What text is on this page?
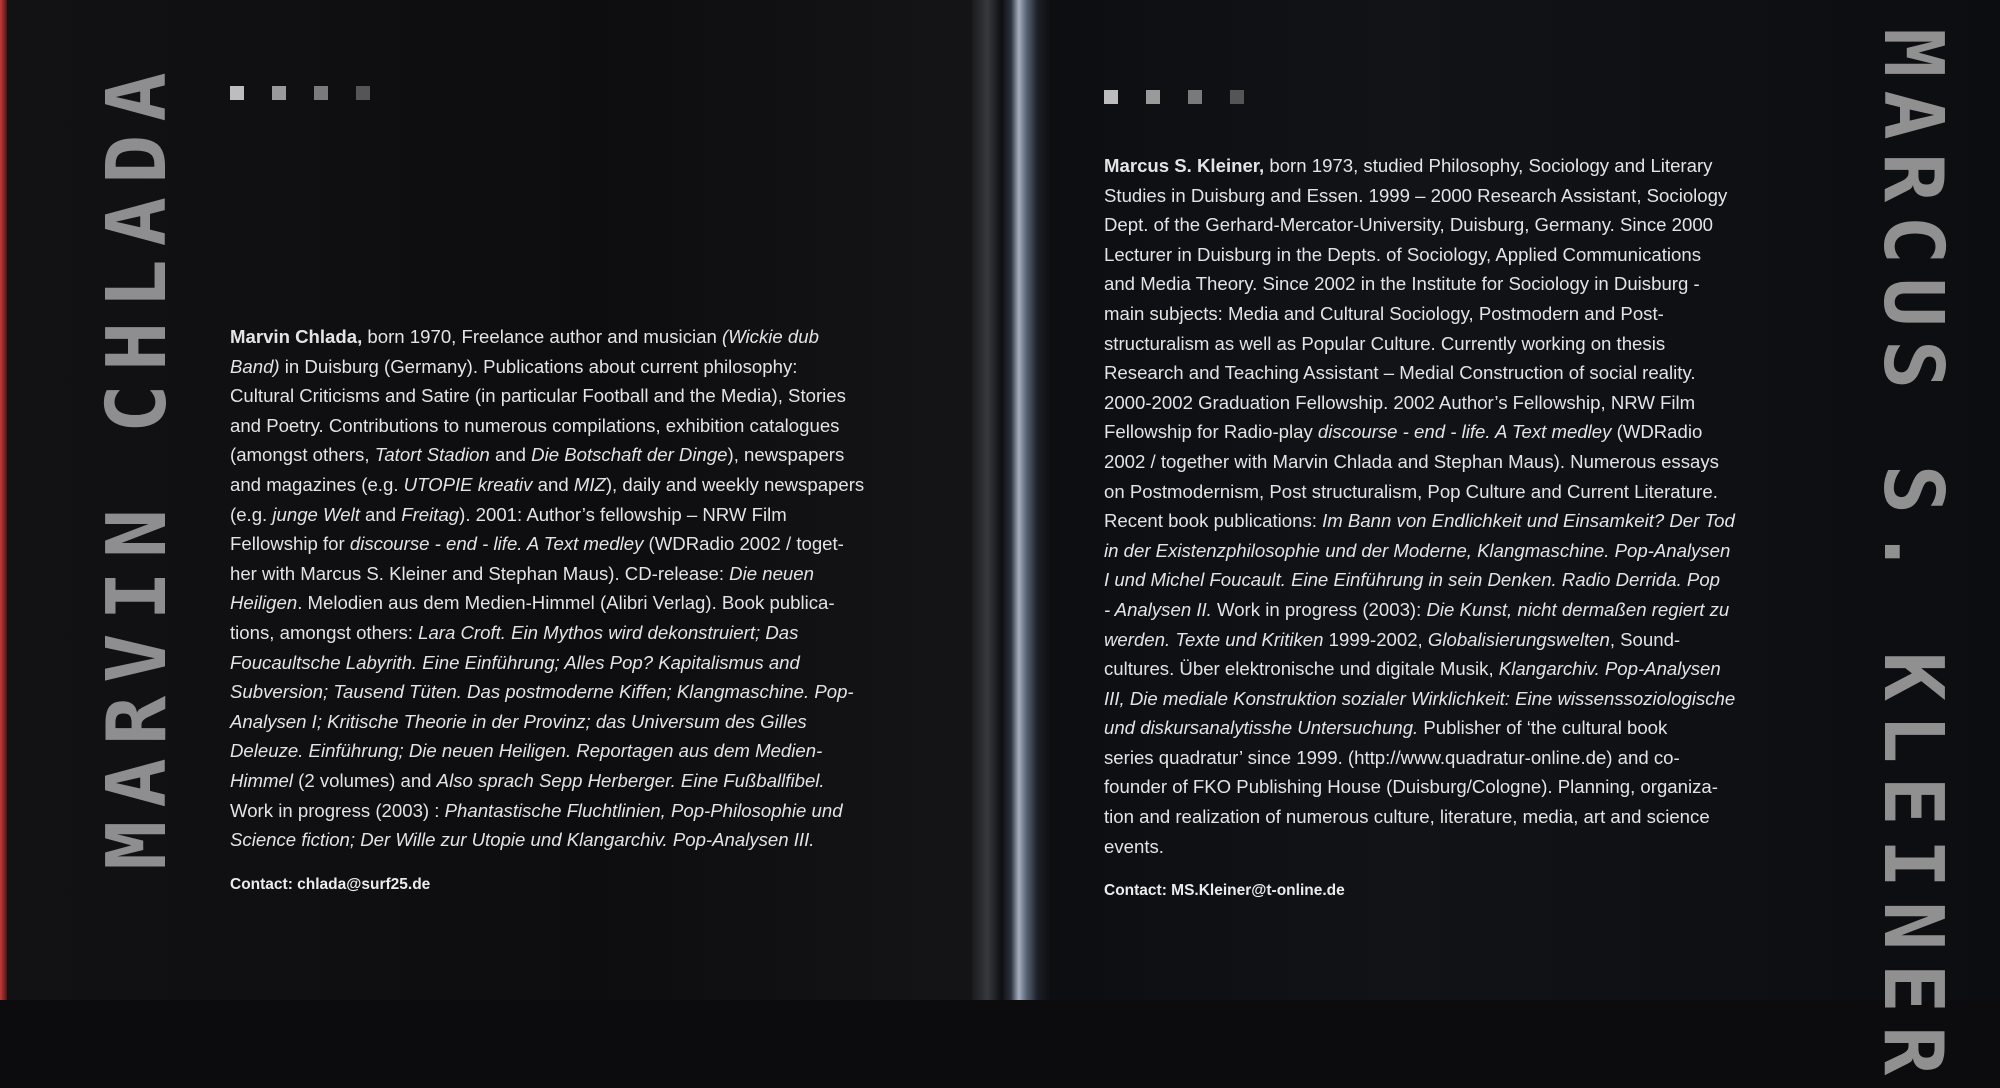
MARVIN CHLADA Marvin Chlada, born 1970, Freelance author and musician (Wickie dub
Band) in Duisburg (Germany). Publications about current philosophy:
Cultural Criticisms and Satire (in particular Football and the Media), Stories
and Poetry. Contributions to numerous compilations, exhibition catalogues
(amongst others, Tatort Stadion and Die Botschaft der Dinge), newspapers
and magazines (e.g. UTOPIE kreativ and MIZ), daily and weekly newspapers
(e.g. junge Welt and Freitag). 2001: Author’s fellowship – NRW Film
Fellowship for discourse - end - life. A Text medley (WDRadio 2002 / toget-
her with Marcus S. Kleiner and Stephan Maus). CD-release: Die neuen
Heiligen. Melodien aus dem Medien-Himmel (Alibri Verlag). Book publica-
tions, amongst others: Lara Croft. Ein Mythos wird dekonstruiert; Das
Foucaultsche Labyrith. Eine Einführung; Alles Pop? Kapitalismus and
Subversion; Tausend Tüten. Das postmoderne Kiffen; Klangmaschine. Pop-
Analysen I; Kritische Theorie in der Provinz; das Universum des Gilles
Deleuze. Einführung; Die neuen Heiligen. Reportagen aus dem Medien-
Himmel (2 volumes) and Also sprach Sepp Herberger. Eine Fußballfibel.
Work in progress (2003) : Phantastische Fluchtlinien, Pop-Philosophie und
Science fiction; Der Wille zur Utopie und Klangarchiv. Pop-Analysen III.
Contact: chlada@surf25.de	MARCUS S. KLEINER
Marcus S. Kleiner, born 1973, studied Philosophy, Sociology and Literary
Studies in Duisburg and Essen. 1999 – 2000 Research Assistant, Sociology
Dept. of the Gerhard-Mercator-University, Duisburg, Germany. Since 2000
Lecturer in Duisburg in the Depts. of Sociology, Applied Communications
and Media Theory. Since 2002 in the Institute for Sociology in Duisburg -
main subjects: Media and Cultural Sociology, Postmodern and Post-
structuralism as well as Popular Culture. Currently working on thesis
Research and Teaching Assistant – Medial Construction of social reality.
2000-2002 Graduation Fellowship. 2002 Author’s Fellowship, NRW Film
Fellowship for Radio-play discourse - end - life. A Text medley (WDRadio
2002 / together with Marvin Chlada and Stephan Maus). Numerous essays
on Postmodernism, Post structuralism, Pop Culture and Current Literature.
Recent book publications: Im Bann von Endlichkeit und Einsamkeit? Der Tod
in der Existenzphilosophie und der Moderne, Klangmaschine. Pop-Analysen
I und Michel Foucault. Eine Einführung in sein Denken. Radio Derrida. Pop
- Analysen II. Work in progress (2003): Die Kunst, nicht dermaßen regiert zu
werden. Texte und Kritiken 1999-2002, Globalisierungswelten, Sound-
cultures. Über elektronische und digitale Musik, Klangarchiv. Pop-Analysen
III, Die mediale Konstruktion sozialer Wirklichkeit: Eine wissenssoziologische
und diskursanalytisshe Untersuchung. Publisher of ‘the cultural book
series quadratur’ since 1999. (http://www.quadratur-online.de) and co-
founder of FKO Publishing House (Duisburg/Cologne). Planning, organiza-
tion and realization of numerous culture, literature, media, art and science
events.
Contact: MS.Kleiner@t-online.de
